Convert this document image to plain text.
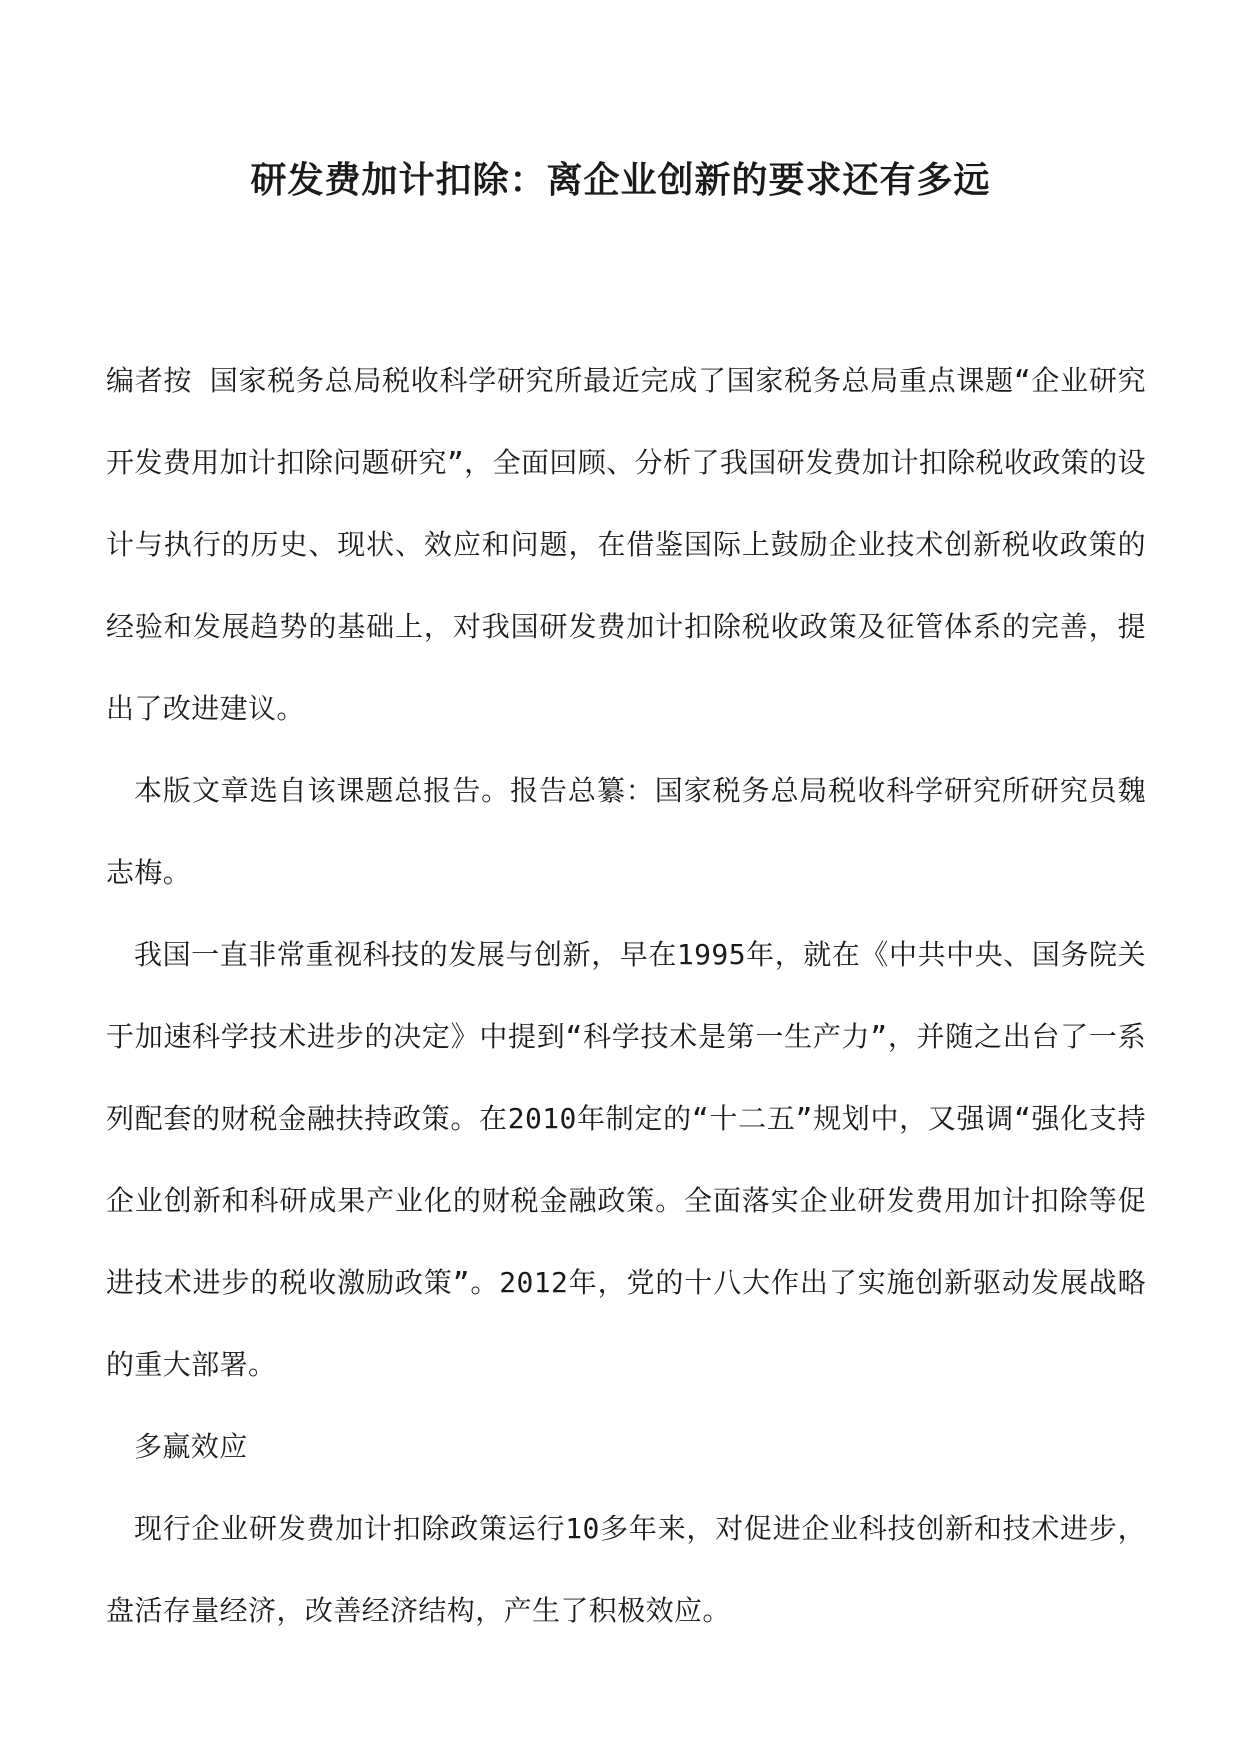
研发费加计扣除：离企业创新的要求还有多远

编者按 国家税务总局税收科学研究所最近完成了国家税务总局重点课题“企业研究开发费用加计扣除问题研究”，全面回顾、分析了我国研发费加计扣除税收政策的设计与执行的历史、现状、效应和问题，在借鉴国际上鼓励企业技术创新税收政策的经验和发展趋势的基础上，对我国研发费加计扣除税收政策及征管体系的完善，提出了改进建议。

本版文章选自该课题总报告。报告总纂：国家税务总局税收科学研究所研究员魏志梅。

我国一直非常重视科技的发展与创新，早在1995年，就在《中共中央、国务院关于加速科学技术进步的决定》中提到“科学技术是第一生产力”，并随之出台了一系列配套的财税金融扶持政策。在2010年制定的“十二五”规划中，又强调“强化支持企业创新和科研成果产业化的财税金融政策。全面落实企业研发费用加计扣除等促进技术进步的税收激励政策”。2012年，党的十八大作出了实施创新驱动发展战略的重大部署。

多赢效应

现行企业研发费加计扣除政策运行10多年来，对促进企业科技创新和技术进步，盘活存量经济，改善经济结构，产生了积极效应。
